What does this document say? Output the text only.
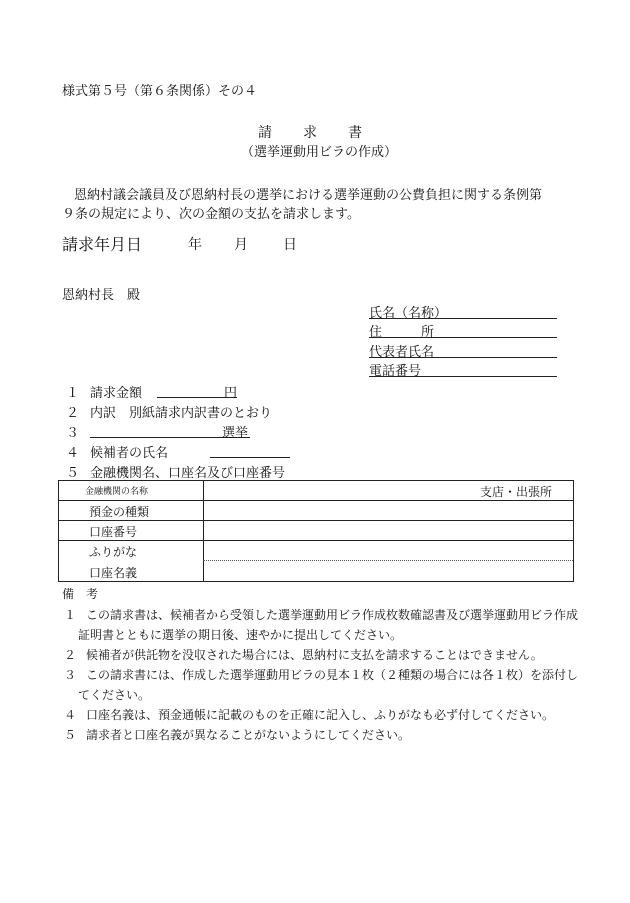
様式第５号（第６条関係）その４
請　　求　　書
（選挙運動用ビラの作成）
恩納村議会議員及び恩納村長の選挙における選挙運動の公費負担に関する条例第
９条の規定により、次の金額の支払を請求します。
請求年月日	年 月	日
恩納村長　殿
氏名（名称）
住　　　所
代表者氏名
電話番号
１ 請求金額	円
２ 内訳　別紙請求内訳書のとおり
３	選挙
４ 候補者の氏名
５ 金融機関名、口座名及び口座番号
金融機関の名称	支店・出張所
預金の種類
口座番号
ふりがな
口座名義
備　考
１ この請求書は、候補者から受領した選挙運動用ビラ作成枚数確認書及び選挙運動用ビラ作成
証明書とともに選挙の期日後、速やかに提出してください。
２ 候補者が供託物を没収された場合には、恩納村に支払を請求することはできません。
３ この請求書には、作成した選挙運動用ビラの見本１枚（２種類の場合には各１枚）を添付し
てください。
４ 口座名義は、預金通帳に記載のものを正確に記入し、ふりがなも必ず付してください。
５ 請求者と口座名義が異なることがないようにしてください。
